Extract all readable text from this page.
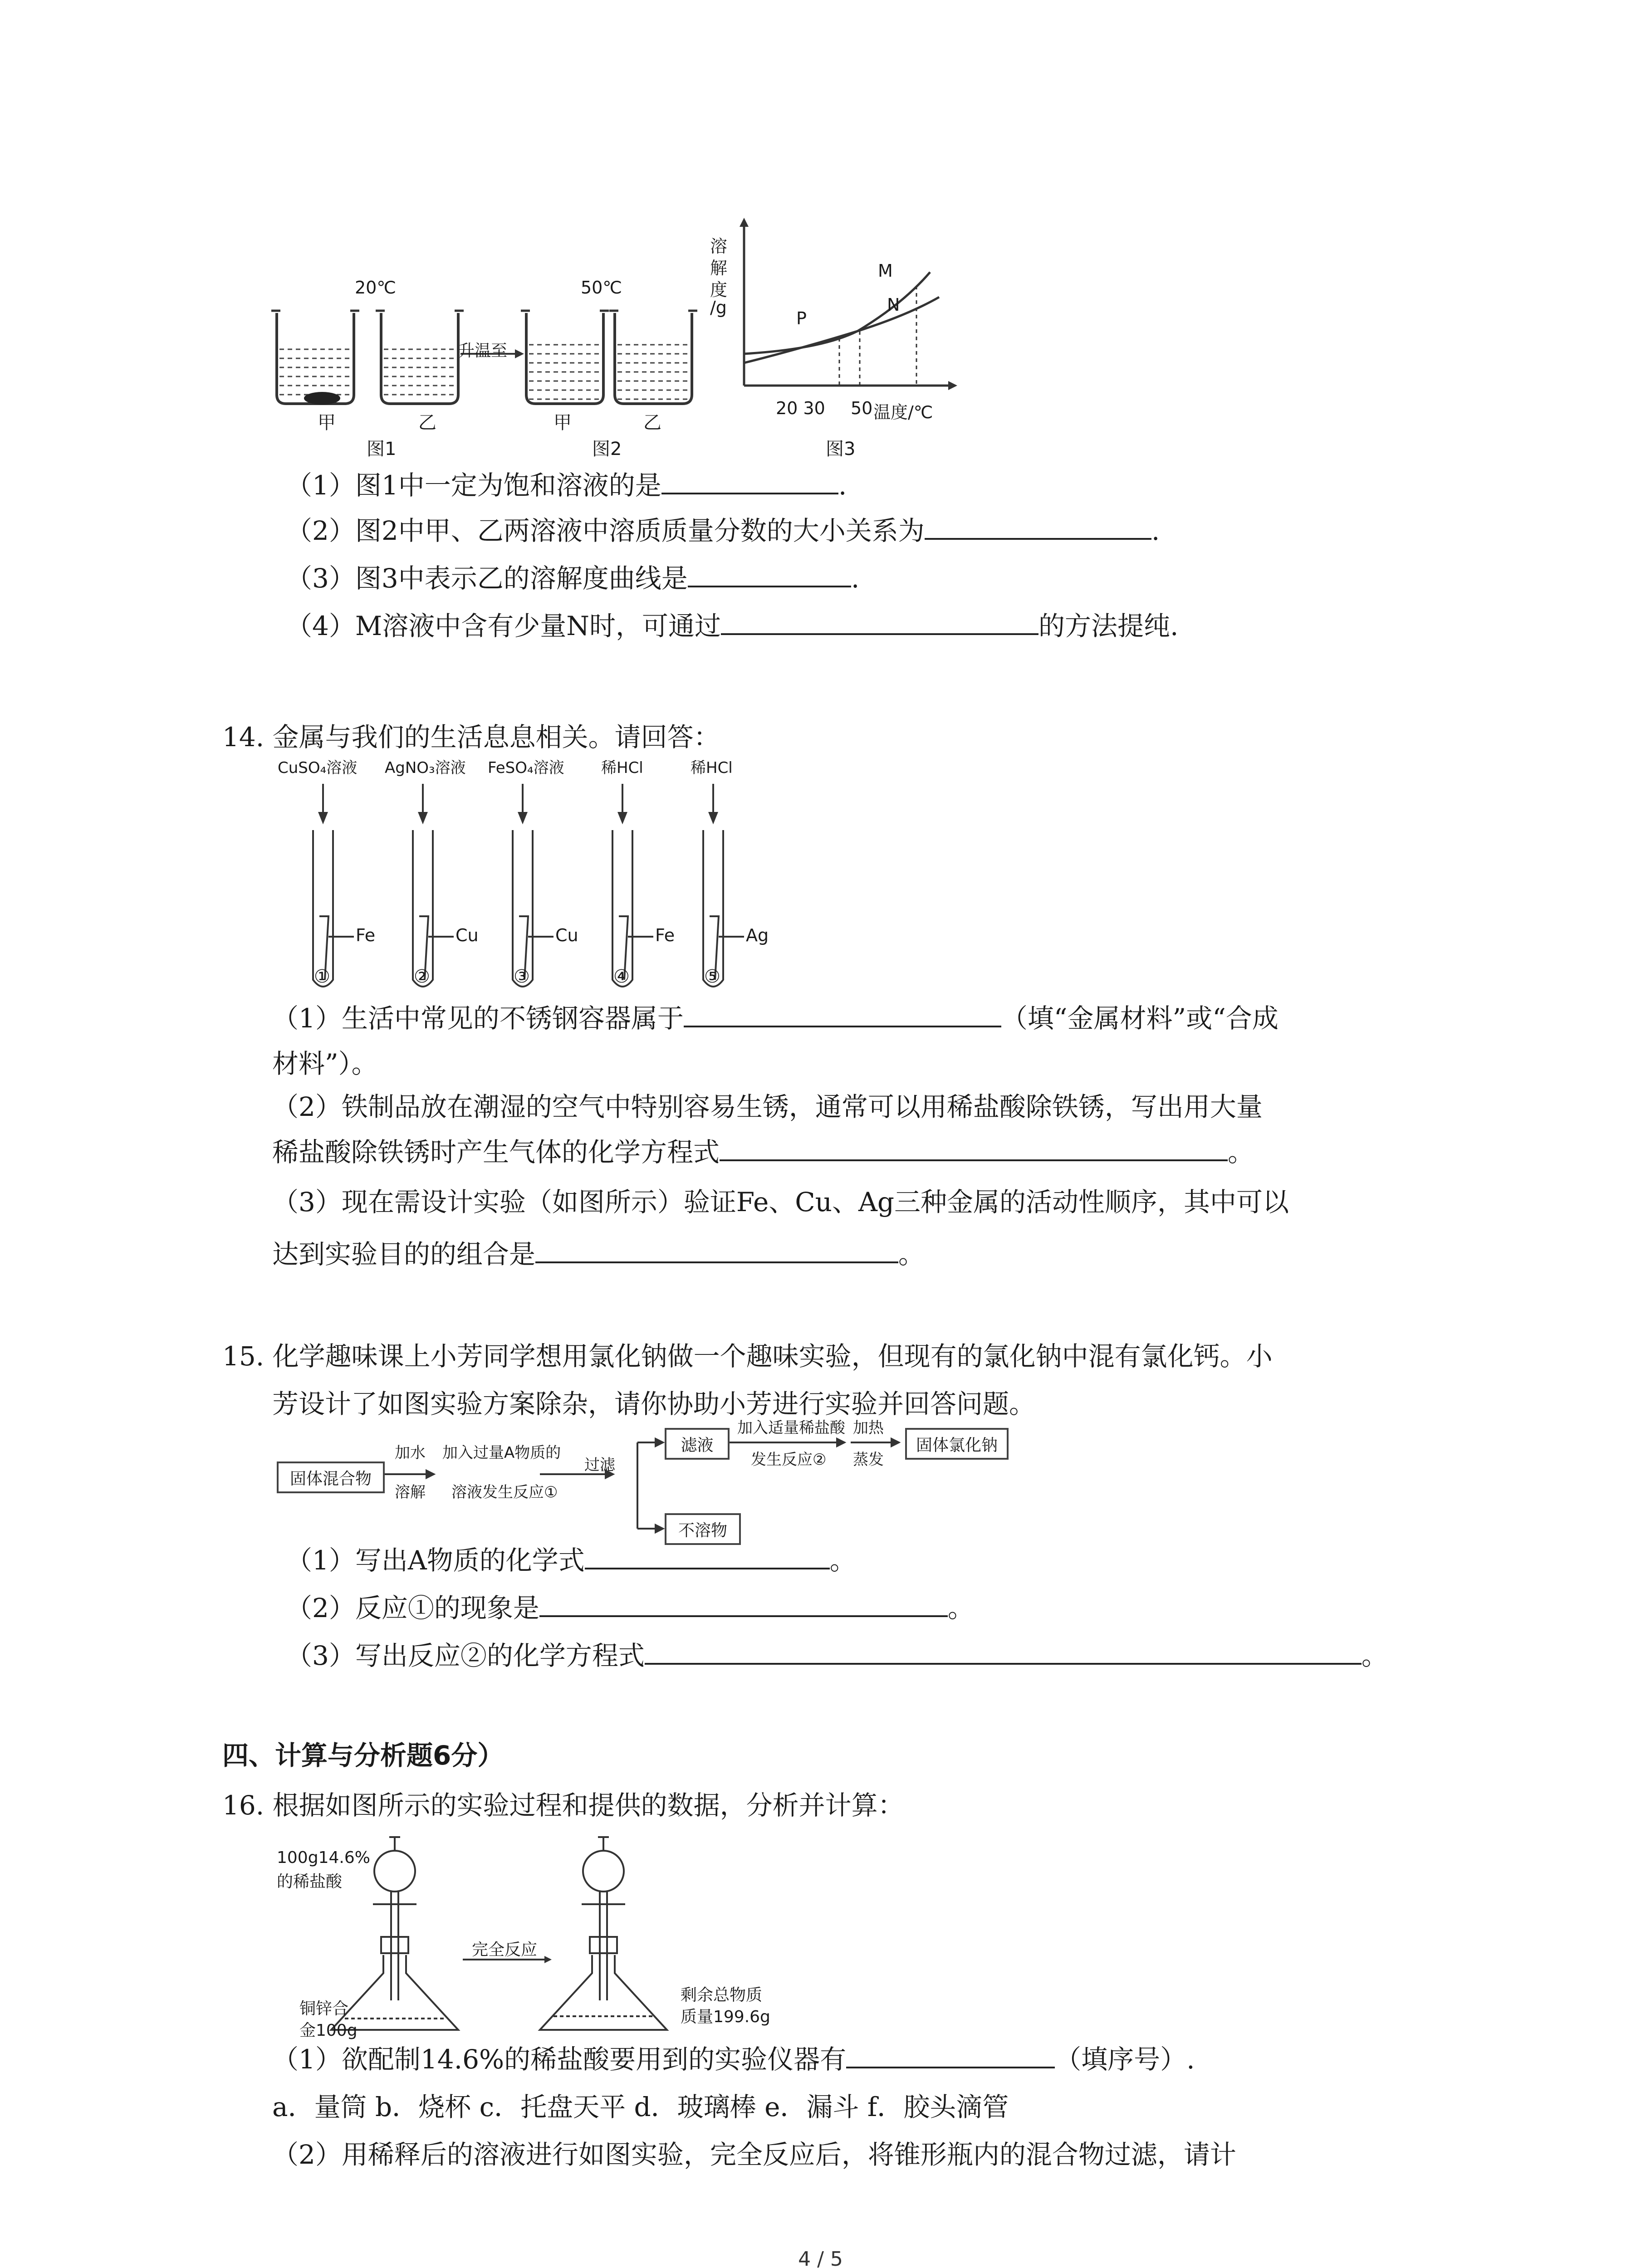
20℃	50℃
升温至
甲	乙	甲	乙
图1	图2	图3
溶
解
度
/g
M
N
P
20 30 50 温度/℃
（1）图1中一定为饱和溶液的是	.
（2）图2中甲、乙两溶液中溶质质量分数的大小关系为	.
（3）图3中表示乙的溶解度曲线是	.
（4）M溶液中含有少量N时，可通过	的方法提纯.
14. 金属与我们的生活息息相关。请回答：
CuSO₄溶液 AgNO₃溶液 FeSO₄溶液 稀HCl	稀HCl
Fe	Cu	Cu	Fe	Ag
①	②	③	④	⑤
（1）生活中常见的不锈钢容器属于	（填“金属材料”或“合成
材料”）。
（2）铁制品放在潮湿的空气中特别容易生锈，通常可以用稀盐酸除铁锈，写出用大量
稀盐酸除铁锈时产生气体的化学方程式	。
（3）现在需设计实验（如图所示）验证Fe、Cu、Ag三种金属的活动性顺序，其中可以
达到实验目的的组合是	。
15. 化学趣味课上小芳同学想用氯化钠做一个趣味实验，但现有的氯化钠中混有氯化钙。小
芳设计了如图实验方案除杂，请你协助小芳进行实验并回答问题。
固体混合物
加水
溶解
加入过量A物质的
溶液发生反应①
过滤
滤液
不溶物
加入适量稀盐酸
发生反应②
加热
蒸发
固体氯化钠
（1）写出A物质的化学式	。
（2）反应①的现象是	。
（3）写出反应②的化学方程式	。
四、计算与分析题6分）
16. 根据如图所示的实验过程和提供的数据，分析并计算：
100g14.6%
的稀盐酸
完全反应
铜锌合
金100g
剩余总物质
质量199.6g
（1）欲配制14.6%的稀盐酸要用到的实验仪器有	（填序号）.
a．量筒 b．烧杯 c．托盘天平 d．玻璃棒 e．漏斗 f．胶头滴管
（2）用稀释后的溶液进行如图实验，完全反应后，将锥形瓶内的混合物过滤，请计
4 / 5
